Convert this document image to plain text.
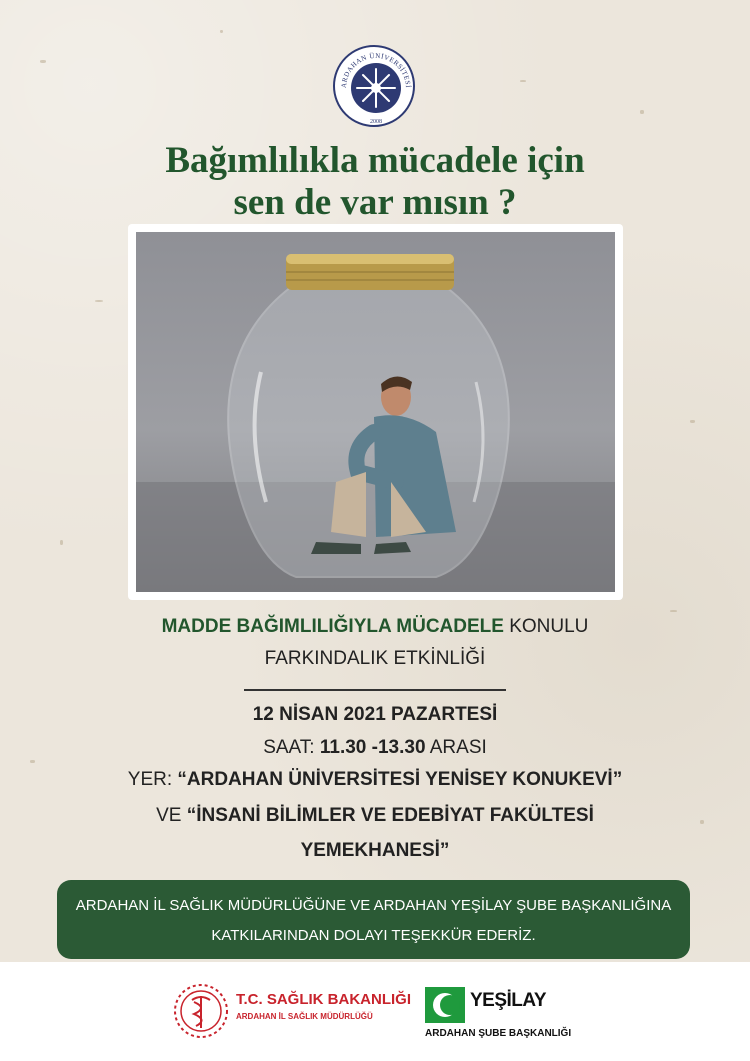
ARDAHAN ÜNİVERSİTESİ
2008
Bağımlılıkla mücadele için
sen de var mısın ?
MADDE BAĞIMLILIĞIYLA MÜCADELE KONULU
FARKINDALIK ETKİNLİĞİ
12 NİSAN 2021 PAZARTESİ
SAAT: 11.30 -13.30 ARASI
YER: “ARDAHAN ÜNİVERSİTESİ YENİSEY KONUKEVİ”
VE “İNSANİ BİLİMLER VE EDEBİYAT FAKÜLTESİ
YEMEKHANESİ”
ARDAHAN İL SAĞLIK MÜDÜRLÜĞÜNE VE ARDAHAN YEŞİLAY ŞUBE BAŞKANLIĞINA
KATKILARINDAN DOLAYI TEŞEKKÜR EDERİZ.
T.C. SAĞLIK BAKANLIĞI
ARDAHAN İL SAĞLIK MÜDÜRLÜĞÜ
YEŞİLAY
ARDAHAN ŞUBE BAŞKANLIĞI
